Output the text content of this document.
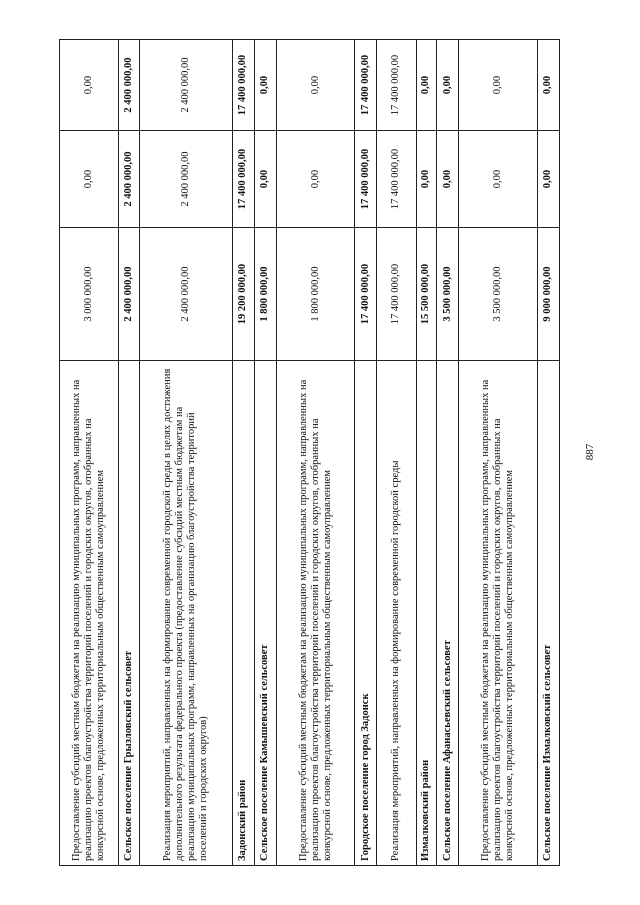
887
Предоставление субсидий местным бюджетам на реализацию муниципальных программ, направленных на реализацию проектов благоустройства территорий поселений и городских округов, отобранных на конкурсной основе, предложенных территориальным общественным самоуправлением	3 000 000,00	0,00	0,00
Сельское поселение Грызловский сельсовет	2 400 000,00	2 400 000,00	2 400 000,00
Реализация мероприятий, направленных на формирование современной городской среды в целях достижения дополнительного результата федерального проекта (предоставление субсидий местным бюджетам на реализацию муниципальных программ, направленных на организацию благоустройства территорий поселений и городских округов)	2 400 000,00	2 400 000,00	2 400 000,00
Задонский район	19 200 000,00	17 400 000,00	17 400 000,00
Сельское поселение Камышевский сельсовет	1 800 000,00	0,00	0,00
Предоставление субсидий местным бюджетам на реализацию муниципальных программ, направленных на реализацию проектов благоустройства территорий поселений и городских округов, отобранных на конкурсной основе, предложенных территориальным общественным самоуправлением	1 800 000,00	0,00	0,00
Городское поселение город Задонск	17 400 000,00	17 400 000,00	17 400 000,00
Реализация мероприятий, направленных на формирование современной городской среды	17 400 000,00	17 400 000,00	17 400 000,00
Измалковский район	15 500 000,00	0,00	0,00
Сельское поселение Афанасьевский сельсовет	3 500 000,00	0,00	0,00
Предоставление субсидий местным бюджетам на реализацию муниципальных программ, направленных на реализацию проектов благоустройства территорий поселений и городских округов, отобранных на конкурсной основе, предложенных территориальным общественным самоуправлением	3 500 000,00	0,00	0,00
Сельское поселение Измалковский сельсовет	9 000 000,00	0,00	0,00
